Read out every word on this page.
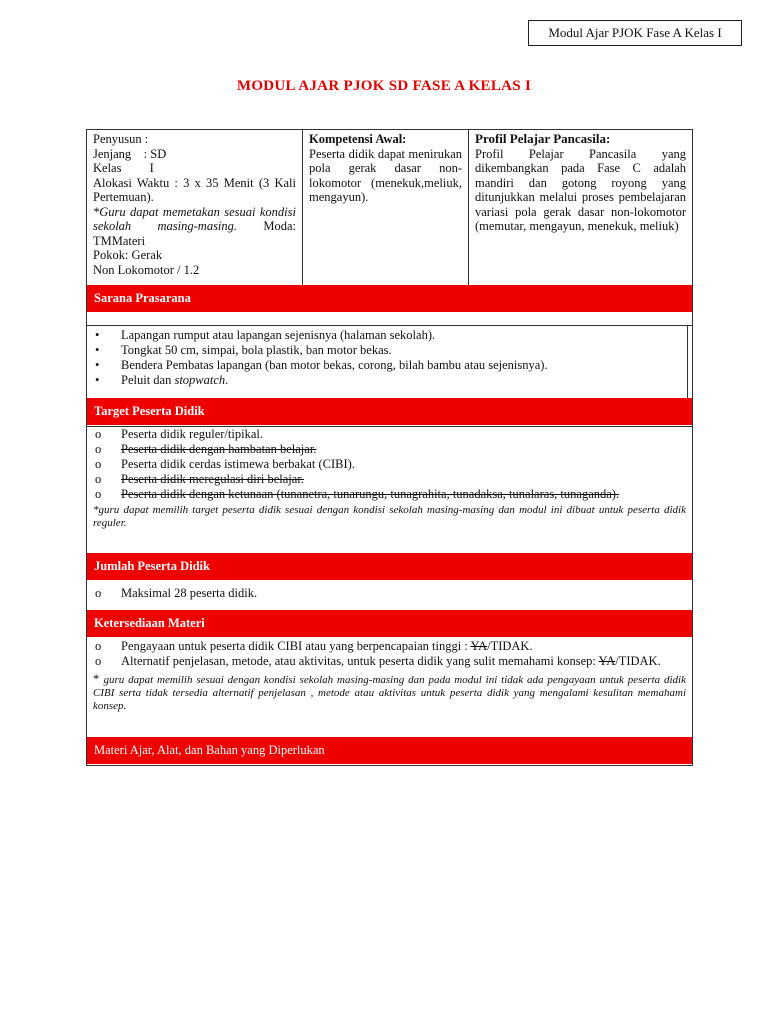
Modul Ajar PJOK Fase A Kelas I
MODUL AJAR PJOK SD FASE A KELAS I
Penyusun :
Jenjang    : SD
Kelas         I
Alokasi Waktu : 3 x 35 Menit (3 Kali Pertemuan).
*Guru dapat memetakan sesuai kondisi sekolah masing-masing. Moda: TMMateri
Pokok: Gerak
Non Lokomotor / 1.2
Kompetensi Awal:
Peserta didik dapat menirukan pola gerak dasar non-lokomotor (menekuk,meliuk, mengayun).
Profil Pelajar Pancasila:
Profil Pelajar Pancasila yang dikembangkan pada Fase C adalah mandiri dan gotong royong yang ditunjukkan melalui proses pembelajaran variasi pola gerak dasar non-lokomotor (memutar, mengayun, menekuk, meliuk)
Sarana Prasarana
• Lapangan rumput atau lapangan sejenisnya (halaman sekolah).
• Tongkat 50 cm, simpai, bola plastik, ban motor bekas.
• Bendera Pembatas lapangan (ban motor bekas, corong, bilah bambu atau sejenisnya).
• Peluit dan stopwatch.
Target Peserta Didik
o Peserta didik reguler/tipikal.
o Peserta didik dengan hambatan belajar.
o Peserta didik cerdas istimewa berbakat (CIBI).
o Peserta didik meregulasi diri belajar.
o Peserta didik dengan ketunaan (tunanetra, tunarungu, tunagrahita, tunadaksa, tunalaras, tunaganda).
*guru dapat memilih target peserta didik sesuai dengan kondisi sekolah masing-masing dan modul ini dibuat untuk peserta didik reguler.
Jumlah Peserta Didik
o Maksimal 28 peserta didik.
Ketersediaan Materi
o Pengayaan untuk peserta didik CIBI atau yang berpencapaian tinggi : YA/TIDAK.
o Alternatif penjelasan, metode, atau aktivitas, untuk peserta didik yang sulit memahami konsep: YA/TIDAK.
* guru dapat memilih sesuai dengan kondisi sekolah masing-masing dan pada modul ini tidak ada pengayaan untuk peserta didik CIBI serta tidak tersedia alternatif penjelasan , metode atau aktivitas untuk peserta didik yang mengalami kesulitan memahami konsep.
Materi Ajar, Alat, dan Bahan yang Diperlukan
